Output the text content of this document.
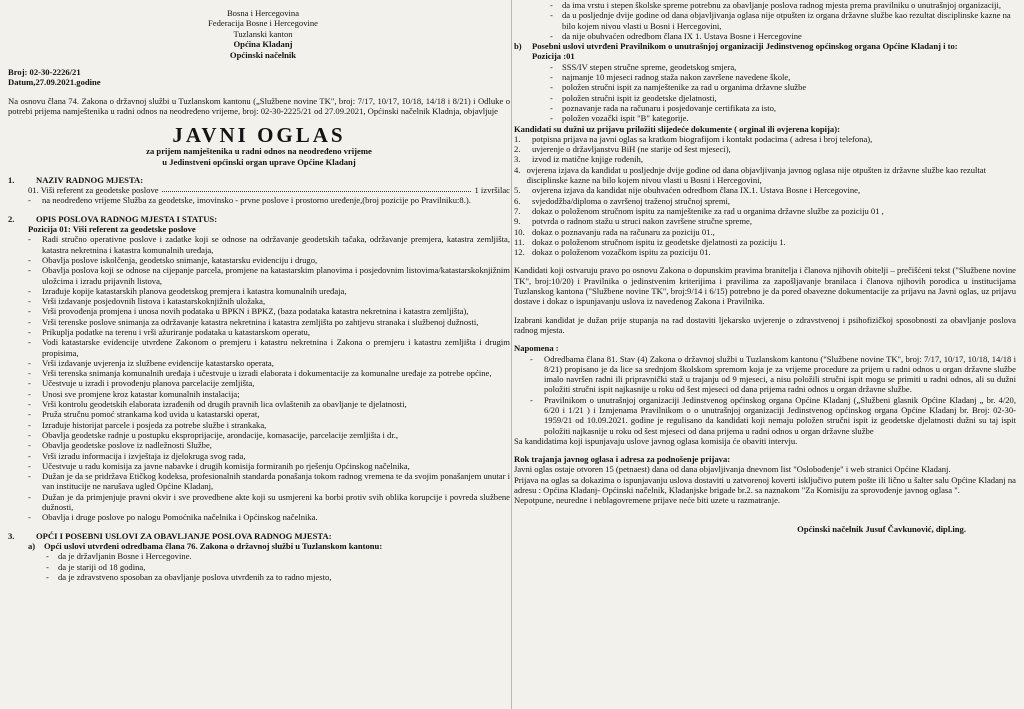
Bosna i Hercegovina
Federacija Bosne i Hercegovine
Tuzlanski kanton
Općina Kladanj
Općinski načelnik
Broj: 02-30-2226/21
Datum,27.09.2021.godine
Na osnovu člana 74. Zakona o državnoj službi u Tuzlanskom kantonu („Službene novine TK", broj: 7/17, 10/17, 10/18, 14/18 i 8/21) i Odluke o potrebi prijema namještenika u radni odnos na neodređeno vrijeme, broj: 02-30-2225/21 od 27.09.2021, Općinski načelnik Kladnja, objavljuje
JAVNI OGLAS
za prijem namještenika u radni odnos na neodređeno vrijeme
u Jedinstveni općinski organ uprave Općine Kladanj
1.	NAZIV RADNOG MJESTA:
01. Viši referent za geodetske poslove	1 izvršilac
- na neodređeno vrijeme Služba za geodetske, imovinsko - prvne poslove i prostorno uređenje,(broj pozicije po Pravilniku:8.).
2.	OPIS POSLOVA RADNOG MJESTA I STATUS:
Pozicija 01: Viši referent za geodetske poslove
- Radi stručno operativne poslove i zadatke koji se odnose na održavanje geodetskih tačaka, održavanje premjera, katastra zemljišta, katastra nekretnina i katastra komunalnih uređaja,
- Obavlja poslove iskolčenja, geodetsko snimanje, katastarsku evidenciju i drugo,
- Obavlja poslova koji se odnose na cijepanje parcela, promjene na katastarskim planovima i posjedovnim listovima/katastarskoknjižnim uložcima i izradu prijavnih listova,
- Izrađuje kopije katastarskih planova geodetskog premjera i katastra komunalnih uređaja,
- Vrši izdavanje posjedovnih listova i katastarskoknjižnih uložaka,
- Vrši provođenja promjena i unosa novih podataka u BPKN i BPKZ, (baza podataka katastra nekretnina i katastra zemljišta),
- Vrši terenske poslove snimanja za održavanje katastra nekretnina i katastra zemljišta po zahtjevu stranaka i službenoj dužnosti,
- Prikuplja podatke na terenu i vrši ažuriranje podataka u katastarskom operatu,
- Vodi katastarske evidencije utvrđene Zakonom o premjeru i katastru nekretnina i Zakona o premjeru i katastru zemljišta i drugim propisima,
- Vrši izdavanje uvjerenja iz službene evidencije katastarsko operata,
- Vrši terenska snimanja komunalnih uređaja i učestvuje u izradi elaborata i dokumentacije za komunalne uređaje za potrebe općine,
- Učestvuje u izradi i provođenju planova parcelacije zemljišta,
- Unosi sve promjene kroz katastar komunalnih instalacija;
- Vrši kontrolu geodetskih elaborata izrađenih od drugih pravnih lica ovlaštenih za obavljanje te djelatnosti,
- Pruža stručnu pomoć strankama kod uvida u katastarski operat,
- Izrađuje historijat parcele i posjeda za potrebe službe i strankaka,
- Obavlja geodetske radnje u postupku eksproprijacije, arondacije, komasacije, parcelacije zemljišta i dr.,
- Obavlja geodetske poslove iz nadležnosti Službe,
- Vrši izradu informacija i izvještaja iz djelokruga svog rada,
- Učestvuje u radu komisija za javne nabavke i drugih komisija formiranih po rješenju Općinskog načelnika,
- Dužan je da se pridržava Etičkog kodeksa, profesionalnih standarda ponašanja tokom radnog vremena te da svojim ponašanjem unutar i van institucije ne narušava ugled Općine Kladanj,
- Dužan je da primjenjuje pravni okvir i sve provedbene akte koji su usmjereni ka borbi protiv svih oblika korupcije i povreda službene dužnosti,
- Obavlja i druge poslove po nalogu Pomoćnika načelnika i Općinskog načelnika.
3.	OPĆI I POSEBNI USLOVI ZA OBAVLJANJE POSLOVA RADNOG MJESTA:
a)	Opći uslovi utvrđeni odredbama člana 76. Zakona o državnoj službi u Tuzlanskom kantonu:
- da je državljanin Bosne i Hercegovine.
- da je stariji od 18 godina,
- da je zdravstveno sposoban za obavljanje poslova utvrđenih za to radno mjesto,
- da ima vrstu i stepen školske spreme potrebnu za obavljanje poslova radnog mjesta prema pravilniku o unutrašnjoj organizaciji,
- da u posljednje dvije godine od dana objavljivanja oglasa nije otpušten iz organa državne službe kao rezultat disciplinske kazne na bilo kojem nivou vlasti u Bosni i Hercegovini,
- da nije obuhvaćen odredbom člana IX 1. Ustava Bosne i Hercegovine
b)	Posebni uslovi utvrđeni Pravilnikom o unutrašnjoj organizaciji Jedinstvenog općinskog organa Općine Kladanj i to:
Pozicija :01
- SSS/IV stepen stručne spreme, geodetskog smjera,
- najmanje 10 mjeseci radnog staža nakon završene navedene škole,
- položen stručni ispit za namještenike za rad u organima državne službe
- položen stručni ispit iz geodetske djelatnosti,
- poznavanje rada na računaru i posjedovanje certifikata za isto,
- položen vozački ispit "B" kategorije.
Kandidati su dužni uz prijavu priložiti slijedeće dokumente ( orginal ili ovjerena kopija):
1.	potpisna prijava na javni oglas sa kratkom biografijom i kontakt podacima ( adresa i broj telefona),
2.	uvjerenje o državljanstvu BiH (ne starije od šest mjeseci),
3.	izvod iz matične knjige rođenih,
4. ovjerena izjava da kandidat u posljednje dvije godine od dana objavljivanja javnog oglasa nije otpušten iz državne službe kao rezultat disciplinske kazne na bilo kojem nivou vlasti u Bosni i Hercegovini,
5.	ovjerena izjava da kandidat nije obuhvaćen odredbom člana IX.1. Ustava Bosne i Hercegovine,
6.	svjedodžba/diploma o završenoj traženoj stručnoj spremi,
7.	dokaz o položenom stručnom ispitu za namještenike za rad u organima državne službe za poziciju 01 ,
9.	potvrda o radnom stažu u struci nakon završene stručne spreme,
10. dokaz o poznavanju rada na računaru za poziciju 01.,
11. dokaz o položenom stručnom ispitu iz geodetske djelatnosti za poziciju 1.
12. dokaz o položenom vozačkom ispitu za poziciju 01.
Kandidati koji ostvaruju pravo po osnovu Zakona o dopunskim pravima branitelja i članova njihovih obitelji – prečišćeni tekst ("Službene novine TK", broj:10/20) i Pravilnika o jedinstvenim kriterijima i pravilima za zapošljavanje branilaca i članova njihovih porodica u institucijama Tuzlanskog kantona ("Službene novine TK", broj:9/14 i 6/15) potrebno je da pored obavezne dokumentacije za prijavu na Javni oglas, uz prijavu dostave i dokaz o ispunjavanju uslova iz navedenog Zakona i Pravilnika.
Izabrani kandidat je dužan prije stupanja na rad dostaviti ljekarsko uvjerenje o zdravstvenoj i psihofizičkoj sposobnosti za obavljanje poslova radnog mjesta.
Napomena :
- Odredbama člana 81. Stav (4) Zakona o državnoj službi u Tuzlanskom kantonu ("Službene novine TK", broj: 7/17, 10/17, 10/18, 14/18 i 8/21) propisano je da lice sa srednjom školskom spremom koja je za vrijeme procedure za prijem u radni odnos u organ državne službe imalo navršen radni ili pripravnički staž u trajanju od 9 mjeseci, a nisu položili stručni ispit mogu se primiti u radni odnos, ali su dužni položiti stručni ispit najkasnije u roku od šest mjeseci od dana prijema radni odnos u organ državne službe.
- Pravilnikom o unutrašnjoj organizaciji Jedinstvenog općinskog organa Općine Kladanj („Službeni glasnik Općine Kladanj „ br. 4/20, 6/20 i 1/21 ) i Izmjenama Pravilnikom o o unutrašnjoj organizaciji Jedinstvenog općinskog organa Općine Kladanj br. Broj: 02-30-1959/21 od 10.09.2021. godine je regulisano da kandidati koji nemaju položen stručni ispit iz geodetske djelatnosti dužni su taj ispit položiti najkasnije u roku od šest mjeseci od dana prijema u radni odnos u organ državne službe
Sa kandidatima koji ispunjavaju uslove javnog oglasa komisija će obaviti intervju.
Rok trajanja javnog oglasa i adresa za podnošenje prijava:
Javni oglas ostaje otvoren 15 (petnaest) dana od dana objavljivanja dnevnom list "Oslobođenje" i web stranici Općine Kladanj.
Prijava na oglas sa dokazima o ispunjavanju uslova dostaviti u zatvorenoj koverti isključivo putem pošte ili lično u šalter salu Općine Kladanj na adresu : Općina Kladanj- Općinski načelnik, Kladanjske brigade br.2. sa naznakom "Za Komisiju za sprovođenje javnog oglasa ".
Nepotpune, neuredne i neblagovremene prijave neće biti uzete u razmatranje.
Općinski načelnik Jusuf Čavkunović, dipl.ing.
